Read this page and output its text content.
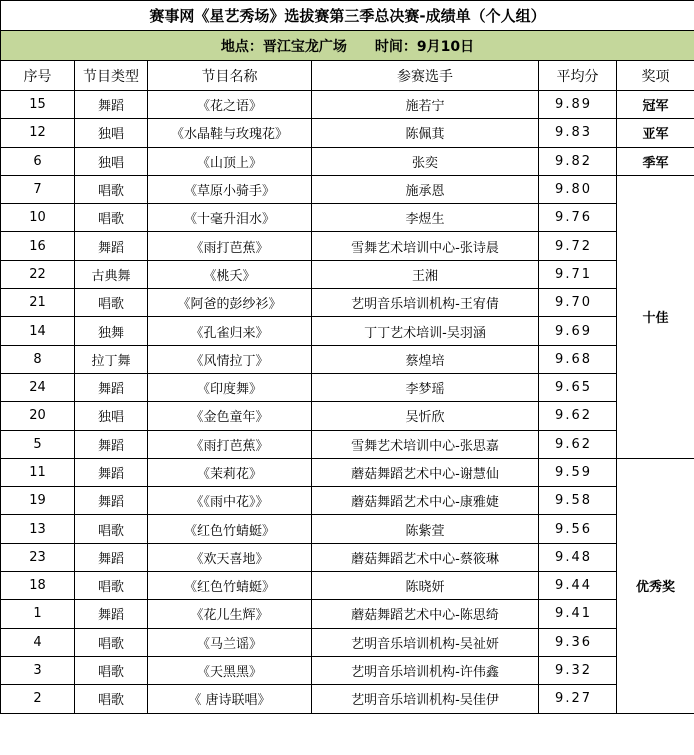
赛事网《星艺秀场》选拔赛第三季总决赛-成绩单（个人组）					
地点：晋江宝龙广场 时间：9月10日					
序号	节目类型	节目名称	参赛选手	平均分	奖项
15	舞蹈	《花之语》	施若宁	9.89	冠军
12	独唱	《水晶鞋与玫瑰花》	陈佩萁	9.83	亚军
6	独唱	《山顶上》	张奕	9.82	季军
7	唱歌	《草原小骑手》	施承恩	9.80	十佳
10	唱歌	《十毫升泪水》	李煜生	9.76	
16	舞蹈	《雨打芭蕉》	雪舞艺术培训中心-张诗晨	9.72	
22	古典舞	《桃夭》	王湘	9.71	
21	唱歌	《阿爸的彭纱衫》	艺明音乐培训机构-王宥倩	9.70	
14	独舞	《孔雀归来》	丁丁艺术培训-吴羽涵	9.69	
8	拉丁舞	《风情拉丁》	蔡煌培	9.68	
24	舞蹈	《印度舞》	李梦瑶	9.65	
20	独唱	《金色童年》	吴忻欣	9.62	
5	舞蹈	《雨打芭蕉》	雪舞艺术培训中心-张思嘉	9.62	
11	舞蹈	《茉莉花》	蘑菇舞蹈艺术中心-谢慧仙	9.59	优秀奖
19	舞蹈	《《雨中花》》	蘑菇舞蹈艺术中心-康雅婕	9.58	
13	唱歌	《红色竹蜻蜓》	陈紫萱	9.56	
23	舞蹈	《欢天喜地》	蘑菇舞蹈艺术中心-蔡筱琳	9.48	
18	唱歌	《红色竹蜻蜓》	陈晓妍	9.44	
1	舞蹈	《花儿生辉》	蘑菇舞蹈艺术中心-陈思绮	9.41	
4	唱歌	《马兰谣》	艺明音乐培训机构-吴祉妍	9.36	
3	唱歌	《天黑黑》	艺明音乐培训机构-许伟鑫	9.32	
2	唱歌	《 唐诗联唱》	艺明音乐培训机构-吴佳伊	9.27	
